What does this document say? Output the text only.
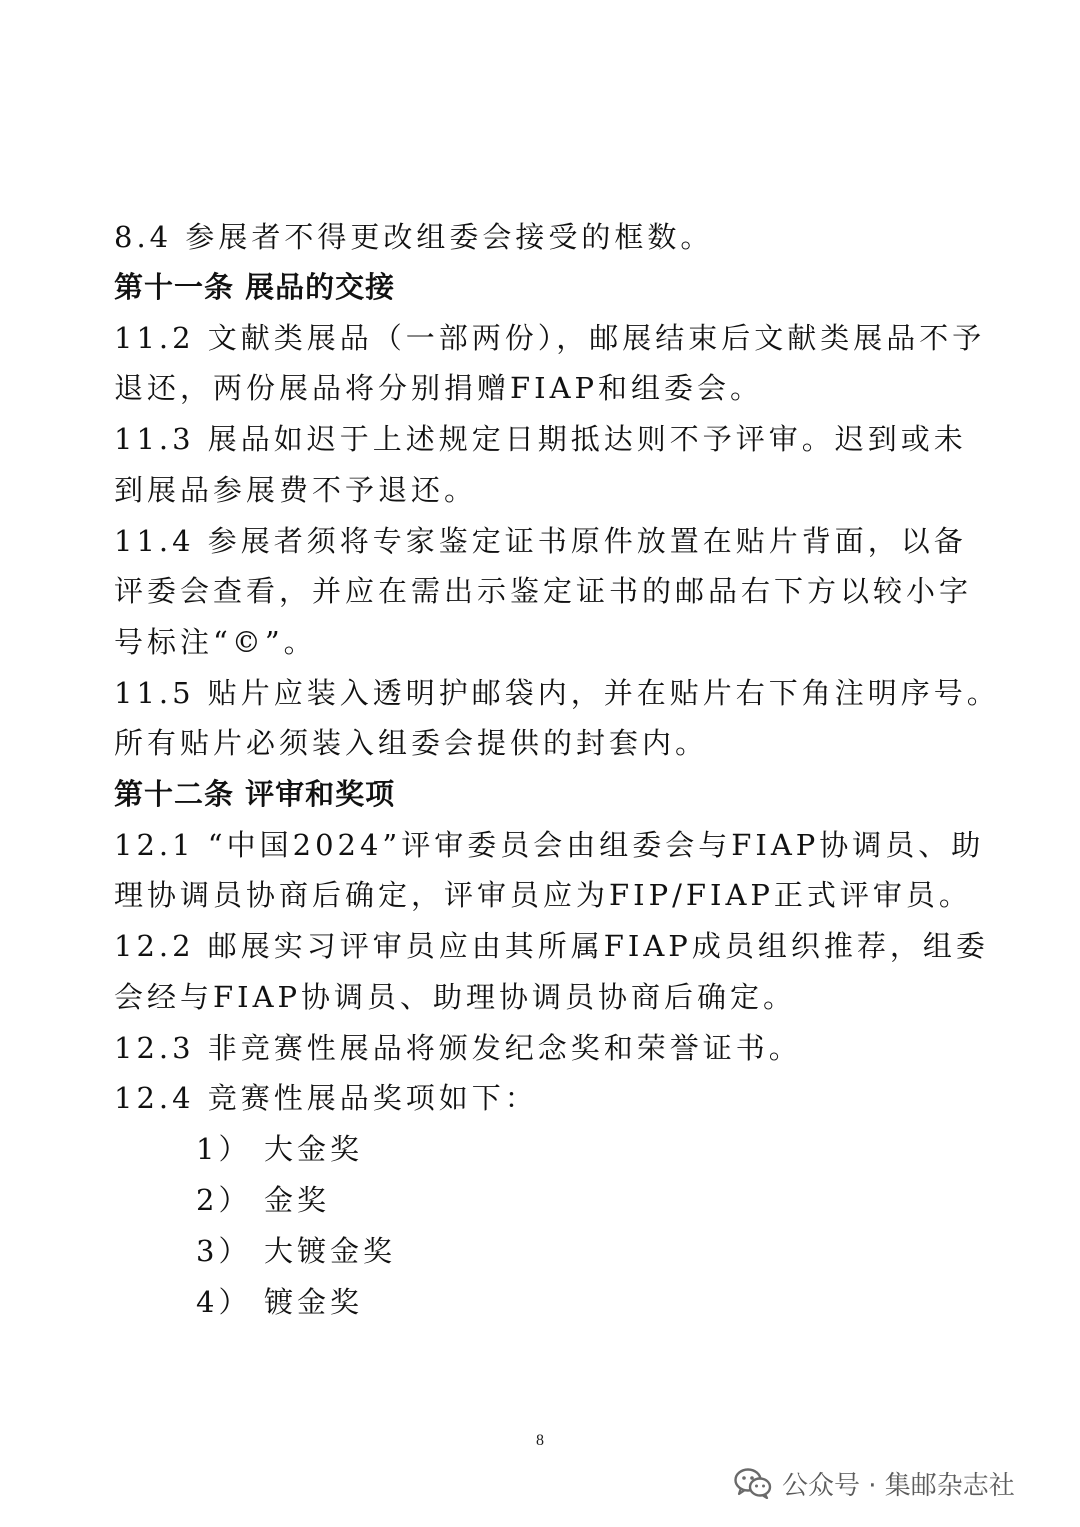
8.4 参展者不得更改组委会接受的框数。
第十一条 展品的交接
11.2 文献类展品（一部两份），邮展结束后文献类展品不予
退还，两份展品将分别捐赠FIAP和组委会。
11.3 展品如迟于上述规定日期抵达则不予评审。迟到或未
到展品参展费不予退还。
11.4 参展者须将专家鉴定证书原件放置在贴片背面，以备
评委会查看，并应在需出示鉴定证书的邮品右下方以较小字
号标注“©”。
11.5 贴片应装入透明护邮袋内，并在贴片右下角注明序号。
所有贴片必须装入组委会提供的封套内。
第十二条 评审和奖项
12.1 “中国2024”评审委员会由组委会与FIAP协调员、助
理协调员协商后确定，评审员应为FIP/FIAP正式评审员。
12.2 邮展实习评审员应由其所属FIAP成员组织推荐，组委
会经与FIAP协调员、助理协调员协商后确定。
12.3 非竞赛性展品将颁发纪念奖和荣誉证书。
12.4 竞赛性展品奖项如下：
1） 大金奖
2） 金奖
3） 大镀金奖
4） 镀金奖
8
公众号 · 集邮杂志社
